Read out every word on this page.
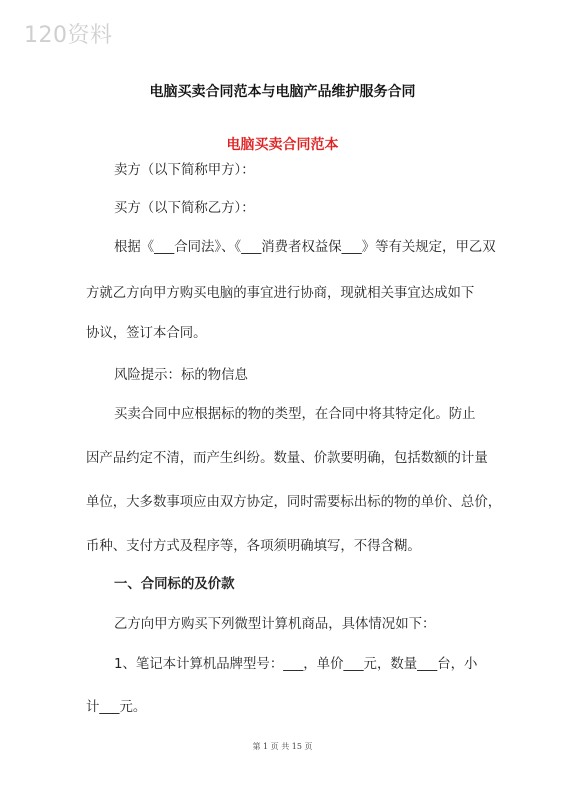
120资料
电脑买卖合同范本与电脑产品维护服务合同
电脑买卖合同范本
卖方（以下简称甲方）：
买方（以下简称乙方）：
根据《___合同法》、《___消费者权益保___》等有关规定，甲乙双
方就乙方向甲方购买电脑的事宜进行协商，现就相关事宜达成如下
协议，签订本合同。
风险提示：标的物信息
买卖合同中应根据标的物的类型，在合同中将其特定化。防止
因产品约定不清，而产生纠纷。数量、价款要明确，包括数额的计量
单位，大多数事项应由双方协定，同时需要标出标的物的单价、总价，
币种、支付方式及程序等，各项须明确填写，不得含糊。
一、合同标的及价款
乙方向甲方购买下列微型计算机商品，具体情况如下：
1、笔记本计算机品牌型号：___，单价___元，数量___台，小
计___元。
第 1 页 共 15 页
